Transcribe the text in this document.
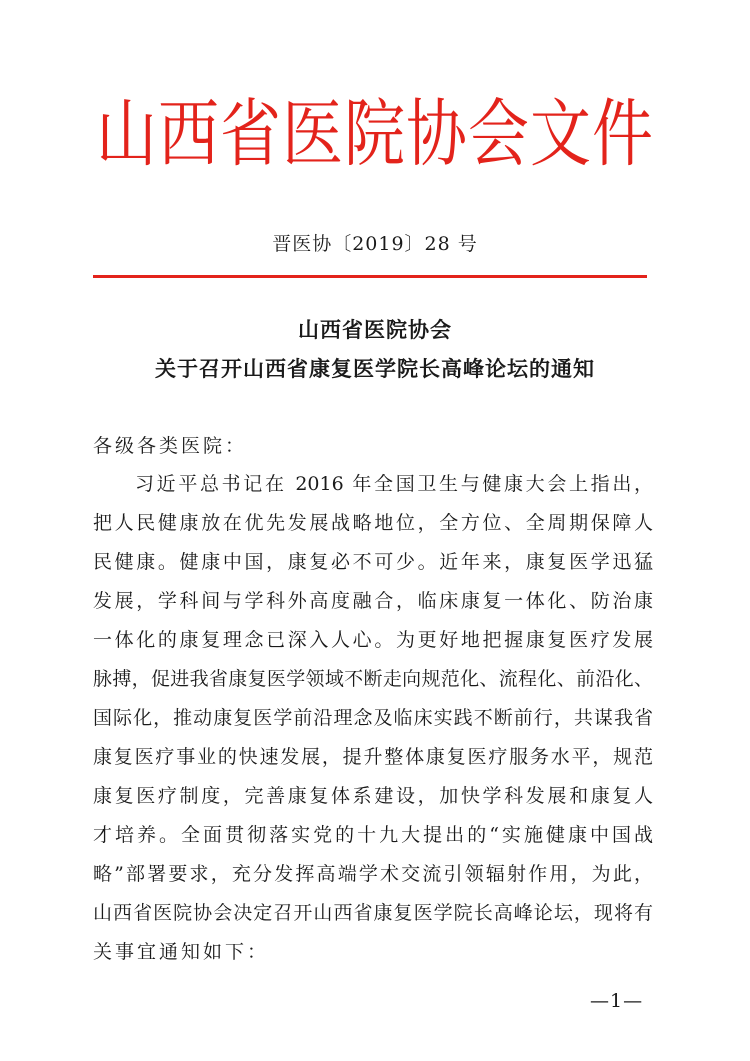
山西省医院协会文件
晋医协〔2019〕28 号
山西省医院协会
关于召开山西省康复医学院长高峰论坛的通知
各级各类医院：
习近平总书记在 2016 年全国卫生与健康大会上指出，
把人民健康放在优先发展战略地位，全方位、全周期保障人
民健康。健康中国，康复必不可少。近年来，康复医学迅猛
发展，学科间与学科外高度融合，临床康复一体化、防治康
一体化的康复理念已深入人心。为更好地把握康复医疗发展
脉搏，促进我省康复医学领域不断走向规范化、流程化、前沿化、
国际化，推动康复医学前沿理念及临床实践不断前行，共谋我省
康复医疗事业的快速发展，提升整体康复医疗服务水平，规范
康复医疗制度，完善康复体系建设，加快学科发展和康复人
才培养。全面贯彻落实党的十九大提出的“实施健康中国战
略”部署要求，充分发挥高端学术交流引领辐射作用，为此，
山西省医院协会决定召开山西省康复医学院长高峰论坛，现将有
关事宜通知如下：
—1—
